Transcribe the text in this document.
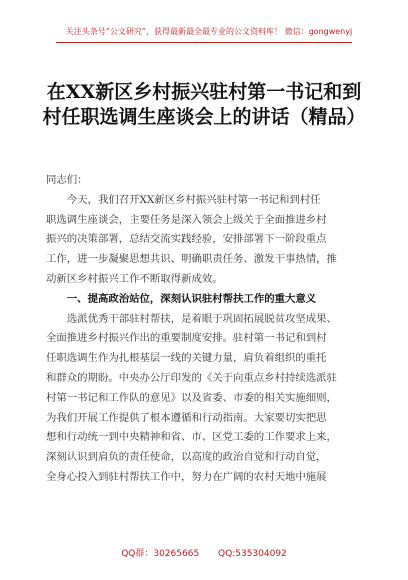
关注头条号“公文研究”，获得最新最全最专业的公文资料库！ 微信：gongwenyj
在XX新区乡村振兴驻村第一书记和到村任职选调生座谈会上的讲话（精品）

同志们：

今天，我们召开XX新区乡村振兴驻村第一书记和到村任
职选调生座谈会，主要任务是深入领会上级关于全面推进乡村
振兴的决策部署，总结交流实践经验，安排部署下一阶段重点
工作，进一步凝聚思想共识、明确职责任务、激发干事热情，推
动新区乡村振兴工作不断取得新成效。

一、提高政治站位，深刻认识驻村帮扶工作的重大意义

选派优秀干部驻村帮扶，是着眼于巩固拓展脱贫攻坚成果、
全面推进乡村振兴作出的重要制度安排。驻村第一书记和到村
任职选调生作为扎根基层一线的关键力量，肩负着组织的重托
和群众的期盼。中央办公厅印发的《关于向重点乡村持续选派驻
村第一书记和工作队的意见》以及省委、市委的相关实施细则，
为我们开展工作提供了根本遵循和行动指南。大家要切实把思
想和行动统一到中央精神和省、市、区党工委的工作要求上来，
深刻认识到肩负的责任使命，以高度的政治自觉和行动自觉，
全身心投入到驻村帮扶工作中，努力在广阔的农村天地中施展

QQ群：30265665 QQ:535304092
